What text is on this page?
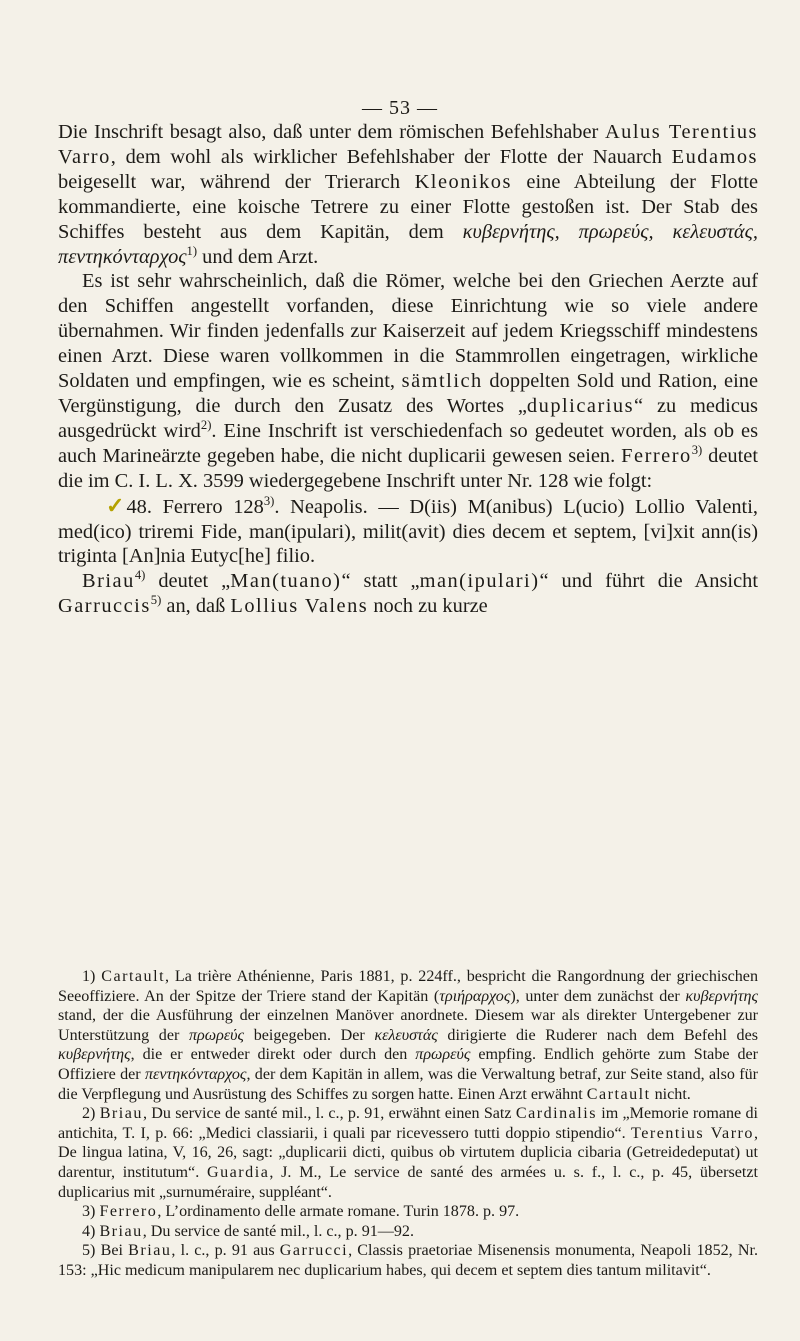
— 53 —

Die Inschrift besagt also, daß unter dem römischen Befehlshaber Aulus Terentius Varro, dem wohl als wirklicher Befehlshaber der Flotte der Nauarch Eudamos beigesellt war, während der Trierarch Kleonikos eine Abteilung der Flotte kommandierte, eine koische Tetrere zu einer Flotte gestoßen ist. Der Stab des Schiffes besteht aus dem Kapitän, dem κυβερνήτης, πρωρεύς, κελευστάς, πεντηκόνταρχος$^{1)}$ und dem Arzt.

Es ist sehr wahrscheinlich, daß die Römer, welche bei den Griechen Aerzte auf den Schiffen angestellt vorfanden, diese Einrichtung wie so viele andere übernahmen. Wir finden jedenfalls zur Kaiserzeit auf jedem Kriegsschiff mindestens einen Arzt. Diese waren vollkommen in die Stammrollen eingetragen, wirkliche Soldaten und empfingen, wie es scheint, sämtlich doppelten Sold und Ration, eine Vergünstigung, die durch den Zusatz des Wortes „duplicarius“ zu medicus ausgedrückt wird$^{2)}$. Eine Inschrift ist verschiedenfach so gedeutet worden, als ob es auch Marineärzte gegeben habe, die nicht duplicarii gewesen seien. Ferrero$^{3)}$ deutet die im C. I. L. X. 3599 wiedergegebene Inschrift unter Nr. 128 wie folgt:

✓48. Ferrero 128$^{3)}$. Neapolis. — D(iis) M(anibus) L(ucio) Lollio Valenti, med(ico) triremi Fide, man(ipulari), milit(avit) dies decem et septem, [vi]xit ann(is) triginta [An]nia Eutyc[he] filio.

Briau$^{4)}$ deutet „Man(tuano)“ statt „man(ipulari)“ und führt die Ansicht Garruccis$^{5)}$ an, daß Lollius Valens noch zu kurze

1) Cartault, La trière Athénienne, Paris 1881, p. 224ff., bespricht die Rangordnung der griechischen Seeoffiziere. An der Spitze der Triere stand der Kapitän (τριήραρχος), unter dem zunächst der κυβερνήτης stand, der die Ausführung der einzelnen Manöver anordnete. Diesem war als direkter Untergebener zur Unterstützung der πρωρεύς beigegeben. Der κελευστάς dirigierte die Ruderer nach dem Befehl des κυβερνήτης, die er entweder direkt oder durch den πρωρεύς empfing. Endlich gehörte zum Stabe der Offiziere der πεντηκόνταρχος, der dem Kapitän in allem, was die Verwaltung betraf, zur Seite stand, also für die Verpflegung und Ausrüstung des Schiffes zu sorgen hatte. Einen Arzt erwähnt Cartault nicht.

2) Briau, Du service de santé mil., l. c., p. 91, erwähnt einen Satz Cardinalis im „Memorie romane di antichita, T. I, p. 66: „Medici classiarii, i quali par ricevessero tutti doppio stipendio“. Terentius Varro, De lingua latina, V, 16, 26, sagt: „duplicarii dicti, quibus ob virtutem duplicia cibaria (Getreidedeputat) ut darentur, institutum“. Guardia, J. M., Le service de santé des armées u. s. f., l. c., p. 45, übersetzt duplicarius mit „surnuméraire, suppléant“.

3) Ferrero, L’ordinamento delle armate romane. Turin 1878. p. 97.

4) Briau, Du service de santé mil., l. c., p. 91—92.

5) Bei Briau, l. c., p. 91 aus Garrucci, Classis praetoriae Misenensis monumenta, Neapoli 1852, Nr. 153: „Hic medicum manipularem nec duplicarium habes, qui decem et septem dies tantum militavit“.
